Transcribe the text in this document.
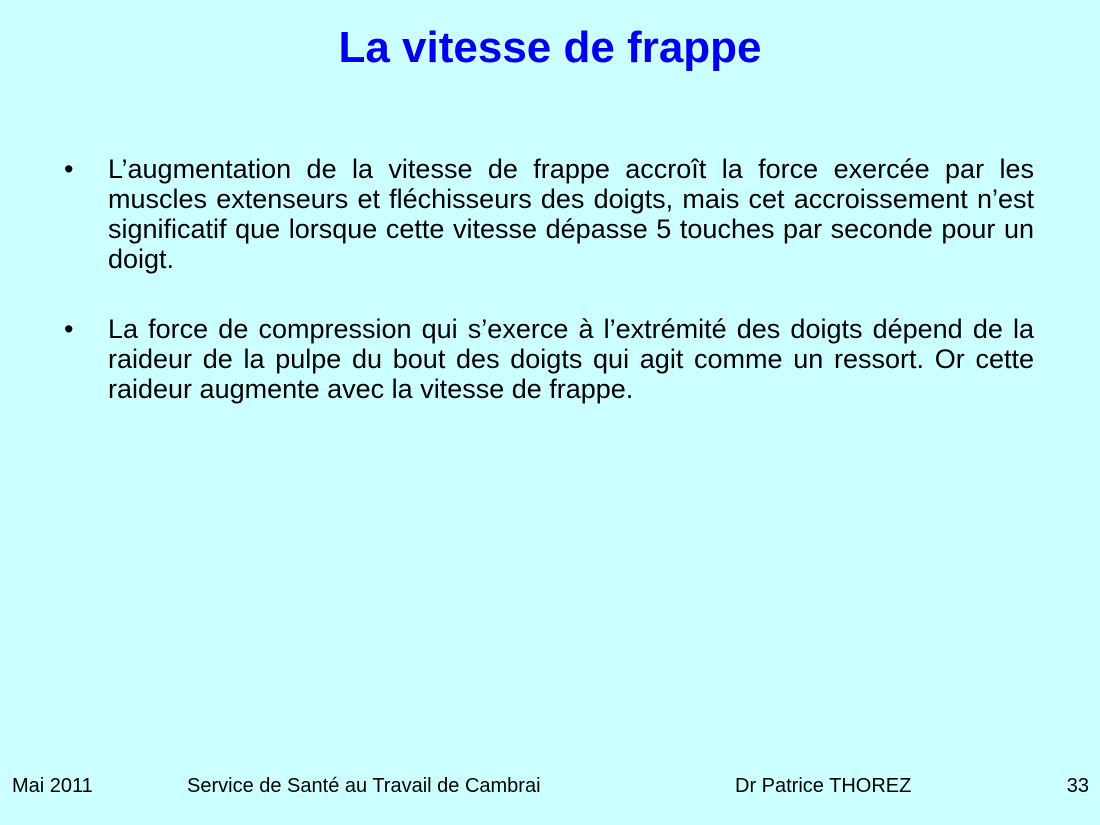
La vitesse de frappe
•	L’augmentation de la vitesse de frappe accroît la force exercée par les muscles extenseurs et fléchisseurs des doigts, mais cet accroissement n’est significatif que lorsque cette vitesse dépasse 5 touches par seconde pour un doigt.
•	La force de compression qui s’exerce à l’extrémité des doigts dépend de la raideur de la pulpe du bout des doigts qui agit comme un ressort. Or cette raideur augmente avec la vitesse de frappe.
Mai 2011	Service de Santé au Travail de Cambrai	Dr Patrice THOREZ	33
